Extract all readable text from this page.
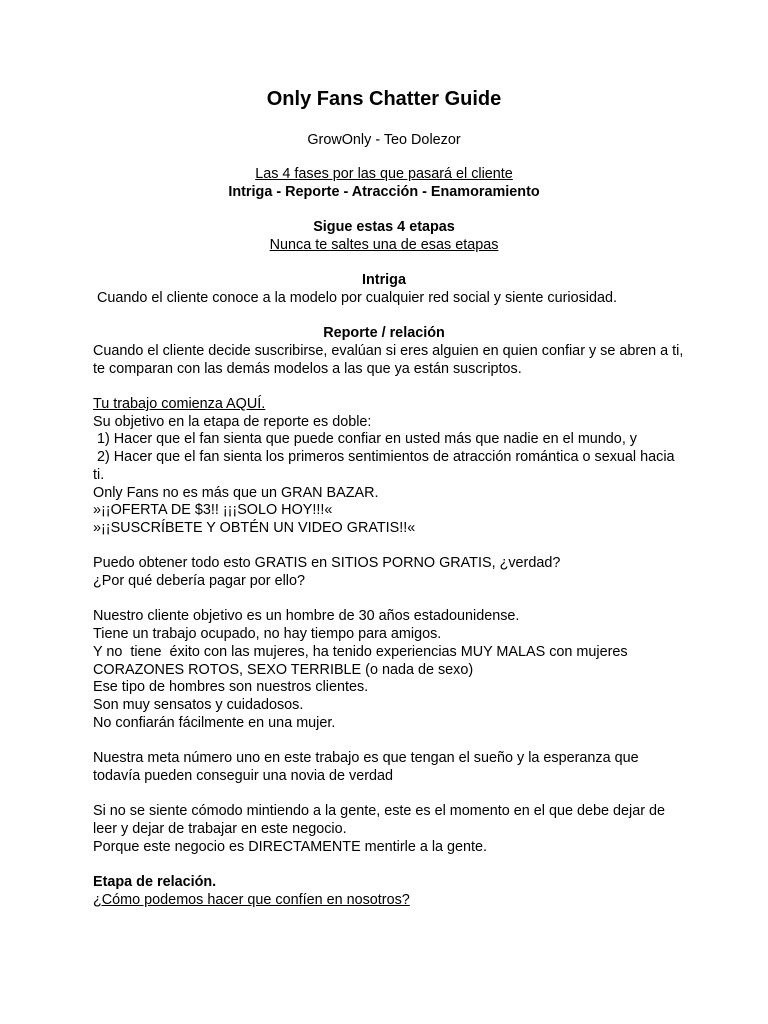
Only Fans Chatter Guide
GrowOnly - Teo Dolezor
Las 4 fases por las que pasará el cliente
Intriga - Reporte - Atracción - Enamoramiento
Sigue estas 4 etapas
Nunca te saltes una de esas etapas
Intriga
Cuando el cliente conoce a la modelo por cualquier red social y siente curiosidad.
Reporte / relación
Cuando el cliente decide suscribirse, evalúan si eres alguien en quien confiar y se abren a ti,
te comparan con las demás modelos a las que ya están suscriptos.
Tu trabajo comienza AQUÍ.
Su objetivo en la etapa de reporte es doble:
1) Hacer que el fan sienta que puede confiar en usted más que nadie en el mundo, y
2) Hacer que el fan sienta los primeros sentimientos de atracción romántica o sexual hacia
ti.
Only Fans no es más que un GRAN BAZAR.
»¡¡OFERTA DE $3!! ¡¡¡SOLO HOY!!!«
»¡¡SUSCRÍBETE Y OBTÉN UN VIDEO GRATIS!!«
Puedo obtener todo esto GRATIS en SITIOS PORNO GRATIS, ¿verdad?
¿Por qué debería pagar por ello?
Nuestro cliente objetivo es un hombre de 30 años estadounidense.
Tiene un trabajo ocupado, no hay tiempo para amigos.
Y no  tiene  éxito con las mujeres, ha tenido experiencias MUY MALAS con mujeres
CORAZONES ROTOS, SEXO TERRIBLE (o nada de sexo)
Ese tipo de hombres son nuestros clientes.
Son muy sensatos y cuidadosos.
No confiarán fácilmente en una mujer.
Nuestra meta número uno en este trabajo es que tengan el sueño y la esperanza que
todavía pueden conseguir una novia de verdad
Si no se siente cómodo mintiendo a la gente, este es el momento en el que debe dejar de
leer y dejar de trabajar en este negocio.
Porque este negocio es DIRECTAMENTE mentirle a la gente.
Etapa de relación.
¿Cómo podemos hacer que confíen en nosotros?
